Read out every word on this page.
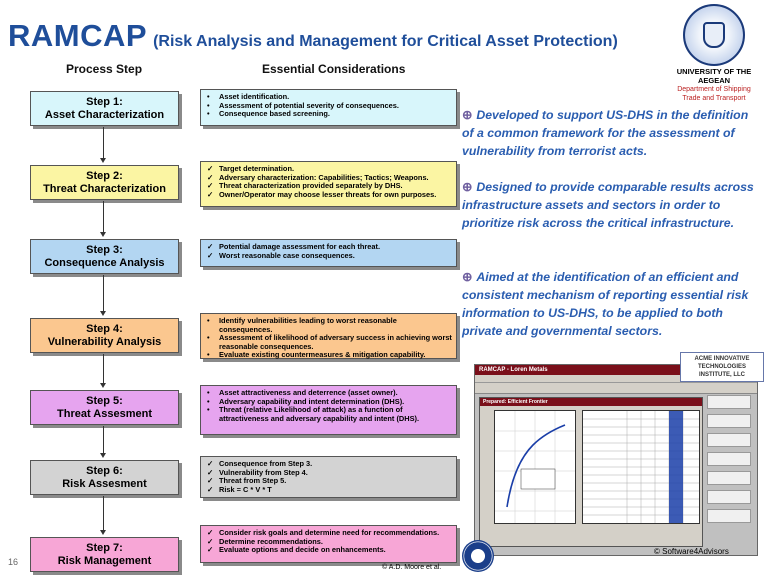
RAMCAP (Risk Analysis and Management for Critical Asset Protection)
Process Step	Essential Considerations
Step 1:
Asset Characterization
• Asset identification.
• Assessment of potential severity of consequences.
• Consequence based screening.
Step 2:
Threat Characterization
✓ Target determination.
✓ Adversary characterization: Capabilities; Tactics; Weapons.
✓ Threat characterization provided separately by DHS.
✓ Owner/Operator may choose lesser threats for own purposes.
Step 3:
Consequence Analysis
✓ Potential damage assessment for each threat.
✓ Worst reasonable case consequences.
Step 4:
Vulnerability Analysis
• Identify vulnerabilities leading to worst reasonable consequences.
• Assessment of likelihood of adversary success in achieving worst reasonable consequences.
• Evaluate existing countermeasures & mitigation capability.
Step 5:
Threat Assesment
• Asset attractiveness and deterrence (asset owner).
• Adversary capability and intent determination (DHS).
• Threat (relative Likelihood of attack) as a function of attractiveness and adversary capability and intent (DHS).
Step 6:
Risk Assesment
✓ Consequence from Step 3.
✓ Vulnerability from Step 4.
✓ Threat from Step 5.
✓ Risk = C * V * T
Step 7:
Risk Management
✓ Consider risk goals and determine need for recommendations.
✓ Determine recommendations.
✓ Evaluate options and decide on enhancements.
⊕ Developed to support US-DHS in the definition of a common framework for the assessment of vulnerability from terrorist acts.
⊕ Designed to provide comparable results across infrastructure assets and sectors in order to prioritize risk across the critical infrastructure.
⊕ Aimed at the identification of an efficient and consistent mechanism of reporting essential risk information to US-DHS, to be applied to both private and governmental sectors.
UNIVERSITY OF THE AEGEAN
Department of Shipping
Trade and Transport
RAMCAP - Loren Metals
Prepared: Efficient Frontier
ACME INNOVATIVE TECHNOLOGIES INSTITUTE, LLC
© Software4Advisors
© A.D. Moore et al.
16
